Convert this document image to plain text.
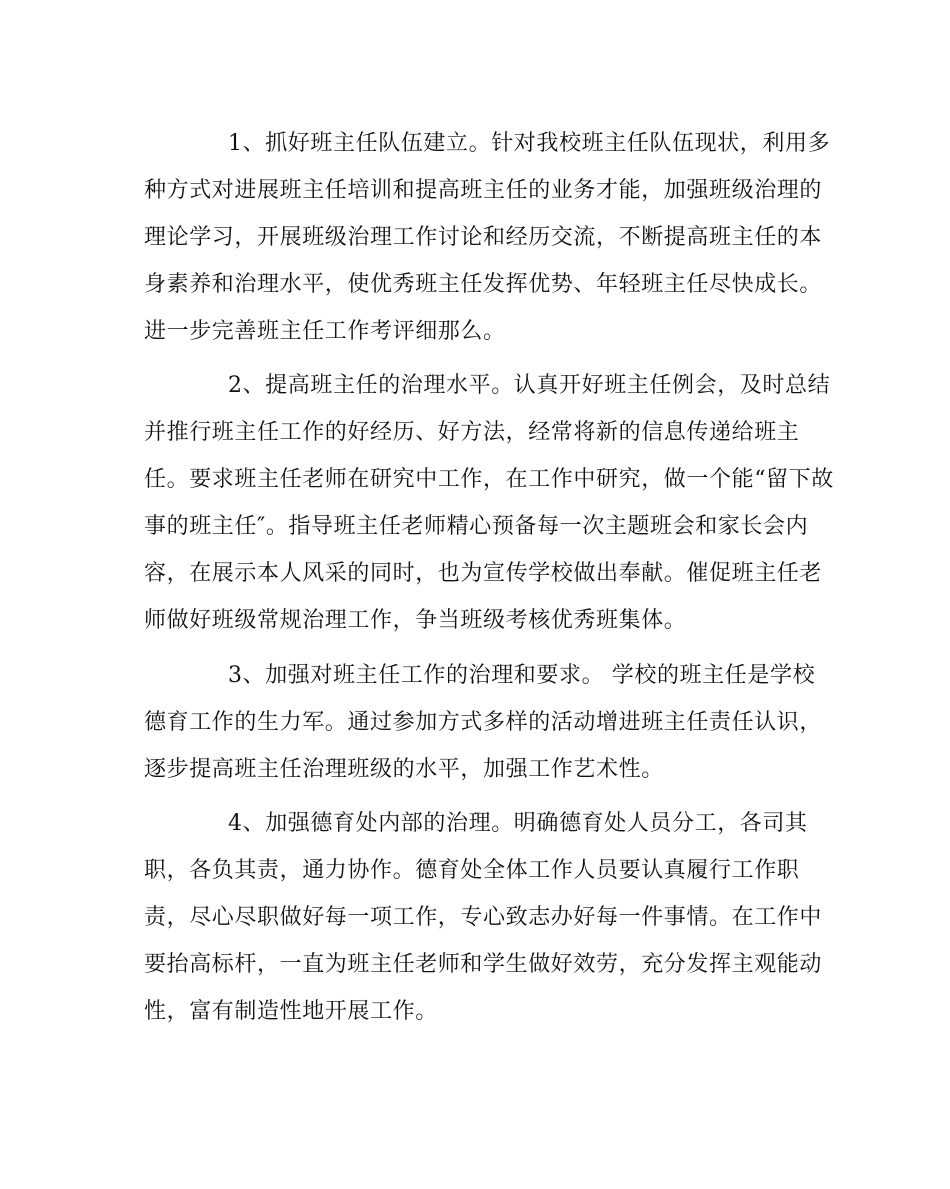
1、抓好班主任队伍建立。针对我校班主任队伍现状，利用多
种方式对进展班主任培训和提高班主任的业务才能，加强班级治理的
理论学习，开展班级治理工作讨论和经历交流，不断提高班主任的本
身素养和治理水平，使优秀班主任发挥优势、年轻班主任尽快成长。
进一步完善班主任工作考评细那么。
2、提高班主任的治理水平。认真开好班主任例会，及时总结
并推行班主任工作的好经历、好方法，经常将新的信息传递给班主
任。要求班主任老师在研究中工作，在工作中研究，做一个能“留下故
事的班主任″。指导班主任老师精心预备每一次主题班会和家长会内
容，在展示本人风采的同时，也为宣传学校做出奉献。催促班主任老
师做好班级常规治理工作，争当班级考核优秀班集体。
3、加强对班主任工作的治理和要求。 学校的班主任是学校
德育工作的生力军。通过参加方式多样的活动增进班主任责任认识，
逐步提高班主任治理班级的水平，加强工作艺术性。
4、加强德育处内部的治理。明确德育处人员分工，各司其
职，各负其责，通力协作。德育处全体工作人员要认真履行工作职
责，尽心尽职做好每一项工作，专心致志办好每一件事情。在工作中
要抬高标杆，一直为班主任老师和学生做好效劳，充分发挥主观能动
性，富有制造性地开展工作。
